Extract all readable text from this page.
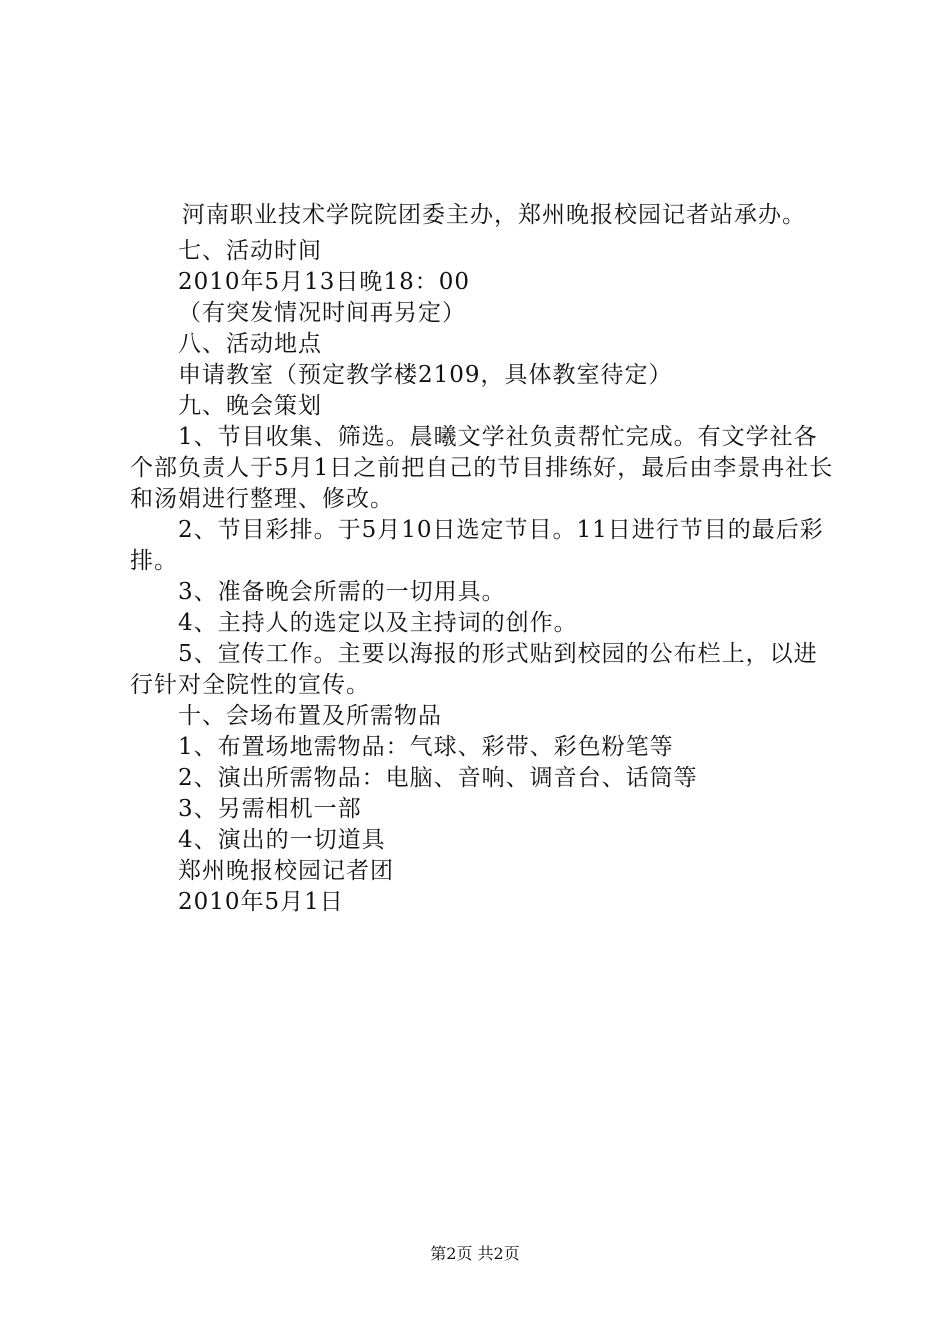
河南职业技术学院院团委主办，郑州晚报校园记者站承办。

七、活动时间

2010年5月13日晚18：00

（有突发情况时间再另定）

八、活动地点

申请教室（预定教学楼2109，具体教室待定）

九、晚会策划

1、节目收集、筛选。晨曦文学社负责帮忙完成。有文学社各个部负责人于5月1日之前把自己的节目排练好，最后由李景冉社长和汤娟进行整理、修改。

2、节目彩排。于5月10日选定节目。11日进行节目的最后彩排。

3、准备晚会所需的一切用具。

4、主持人的选定以及主持词的创作。

5、宣传工作。主要以海报的形式贴到校园的公布栏上，以进行针对全院性的宣传。

十、会场布置及所需物品

1、布置场地需物品：气球、彩带、彩色粉笔等

2、演出所需物品：电脑、音响、调音台、话筒等

3、另需相机一部

4、演出的一切道具

郑州晚报校园记者团

2010年5月1日

第2页 共2页
